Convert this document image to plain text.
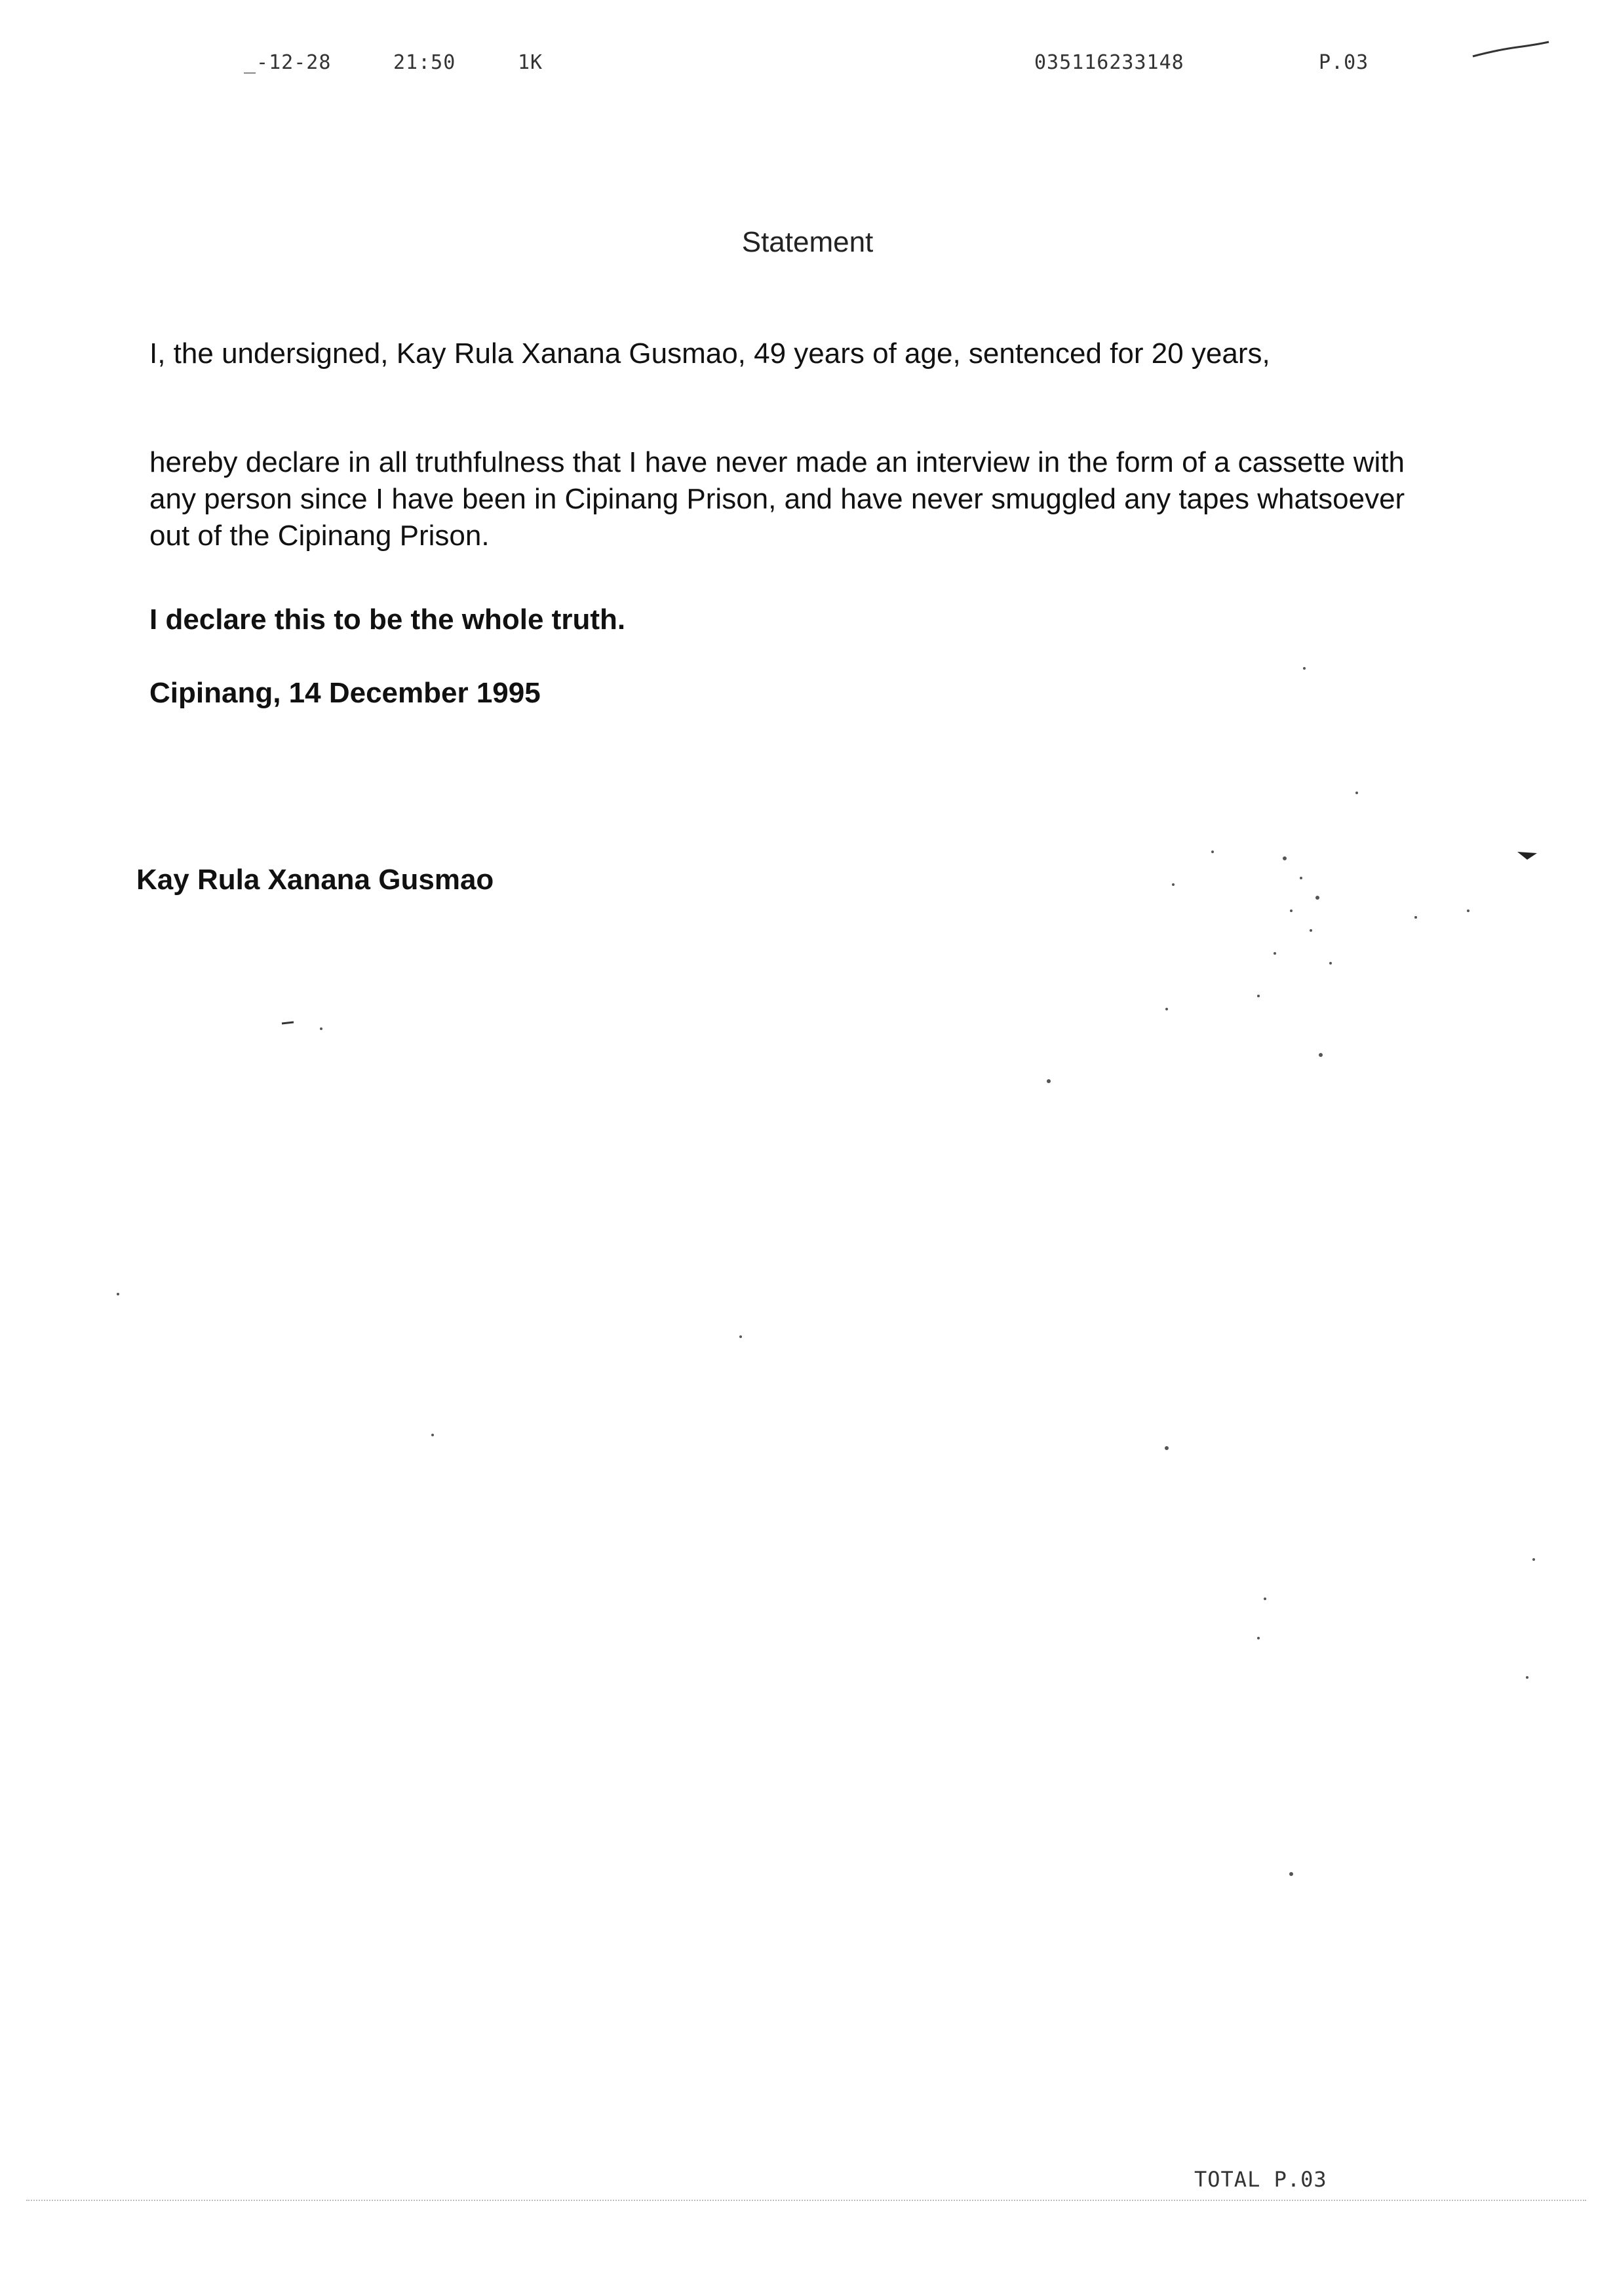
_-12-28	21:50	1K	035116233148	P.03
Statement
I, the undersigned, Kay Rula Xanana Gusmao, 49 years of age, sentenced for 20 years,
hereby declare in all truthfulness that I have never made an interview in the form of a cassette with any person since I have been in Cipinang Prison, and have never smuggled any tapes whatsoever out of the Cipinang Prison.
I declare this to be the whole truth.
Cipinang, 14 December 1995
Kay Rula Xanana Gusmao
TOTAL P.03
